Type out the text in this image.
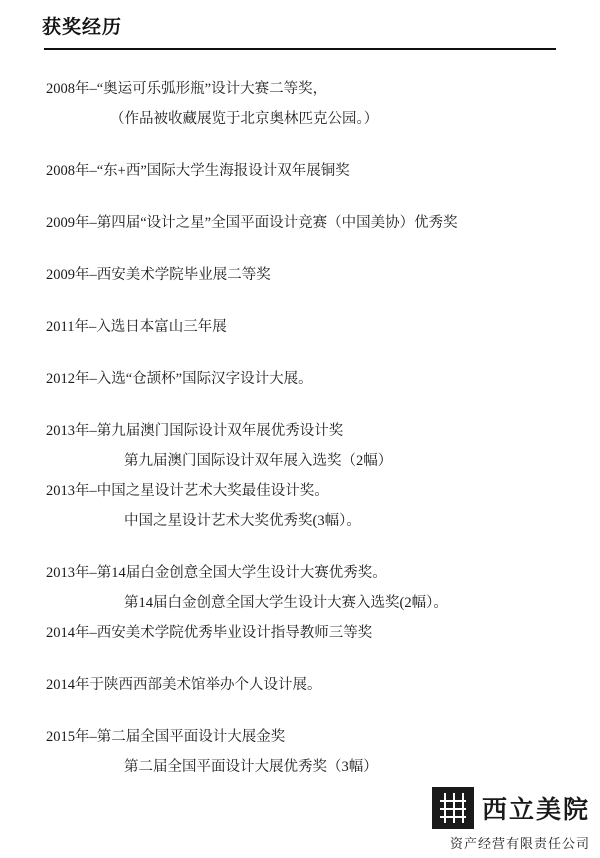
获奖经历
2008年–“奥运可乐弧形瓶”设计大赛二等奖，
（作品被收藏展览于北京奥林匹克公园。）
2008年–“东+西”国际大学生海报设计双年展铜奖
2009年–第四届“设计之星”全国平面设计竞赛（中国美协）优秀奖
2009年–西安美术学院毕业展二等奖
2011年–入选日本富山三年展
2012年–入选“仓颉杯”国际汉字设计大展。
2013年–第九届澳门国际设计双年展优秀设计奖
第九届澳门国际设计双年展入选奖（2幅）
2013年–中国之星设计艺术大奖最佳设计奖。
中国之星设计艺术大奖优秀奖(3幅）。
2013年–第14届白金创意全国大学生设计大赛优秀奖。
第14届白金创意全国大学生设计大赛入选奖(2幅）。
2014年–西安美术学院优秀毕业设计指导教师三等奖
2014年于陕西西部美术馆举办个人设计展。
2015年–第二届全国平面设计大展金奖
第二届全国平面设计大展优秀奖（3幅）
西立美院
资产经营有限责任公司
